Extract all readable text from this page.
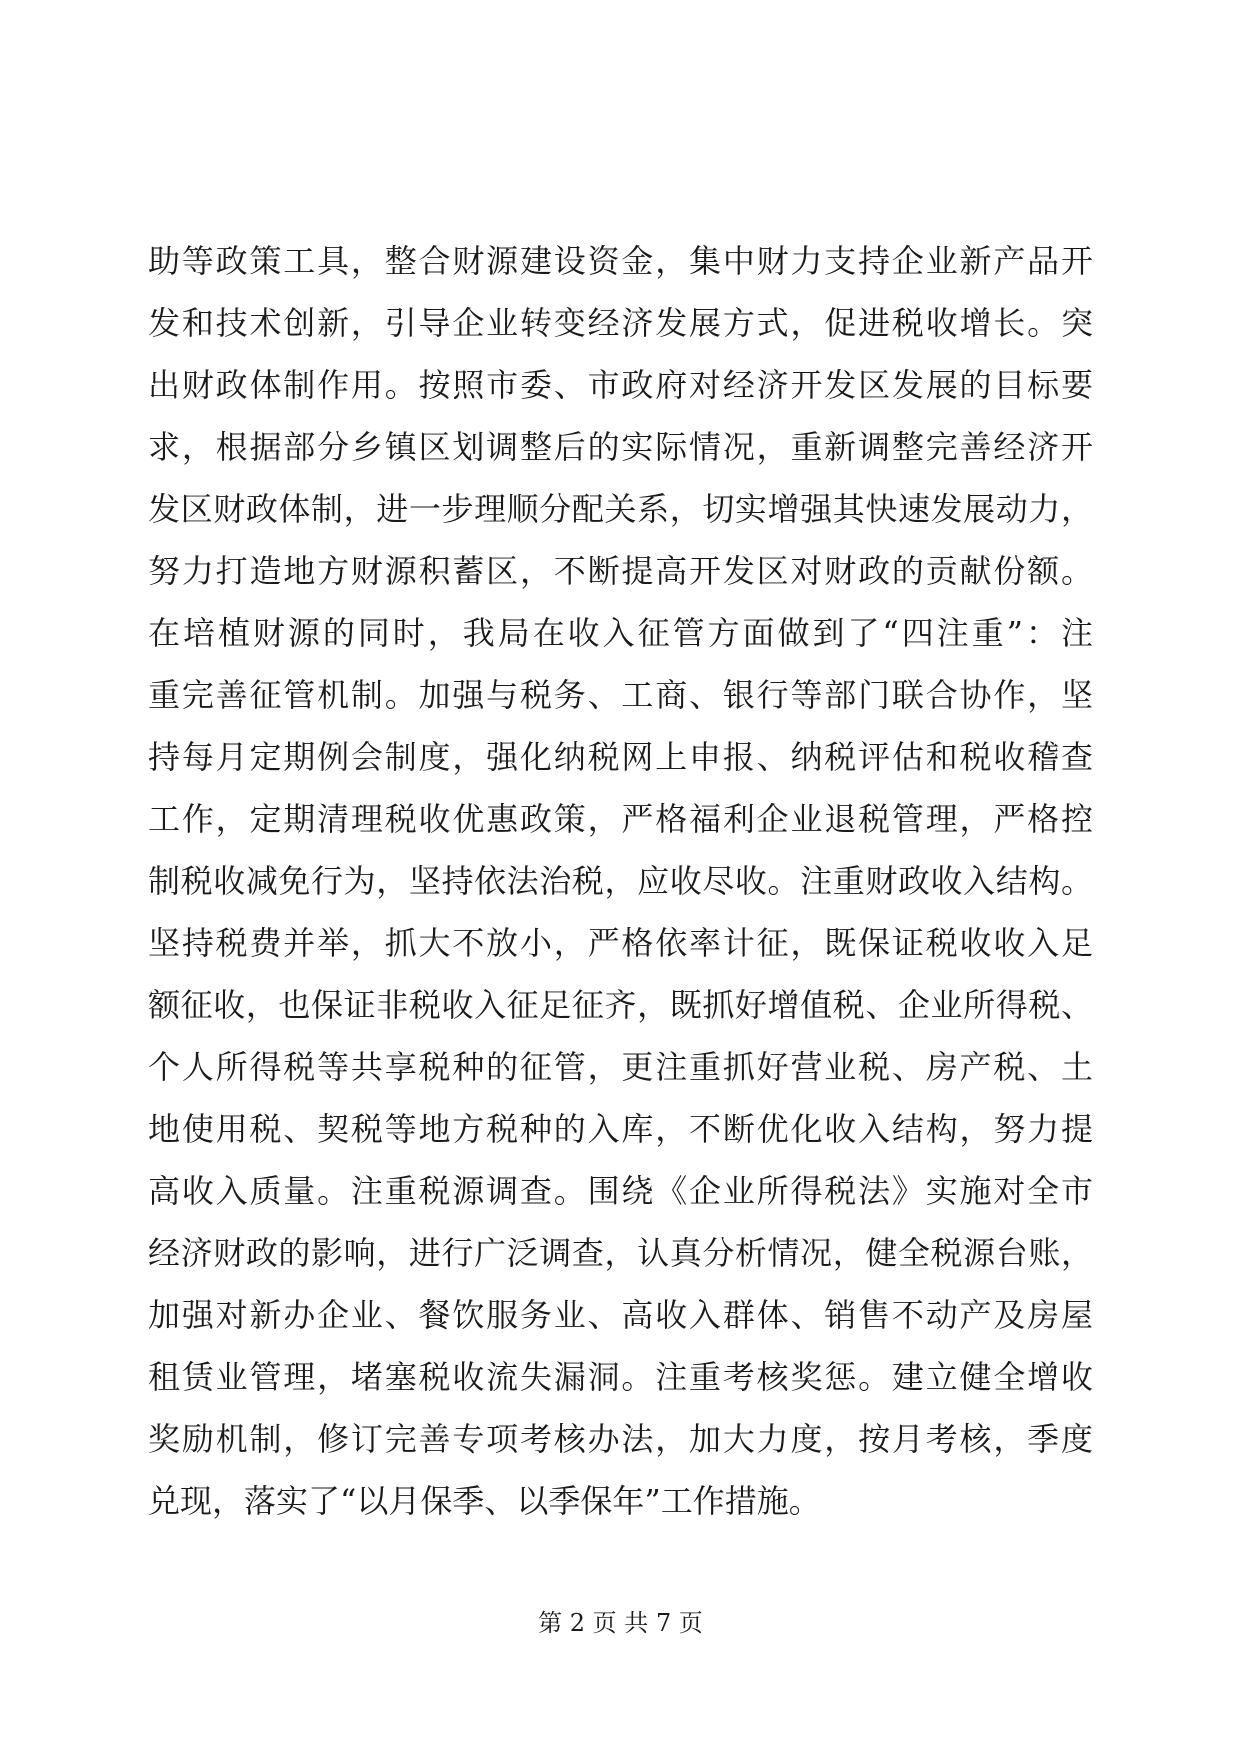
助等政策工具，整合财源建设资金，集中财力支持企业新产品开
发和技术创新，引导企业转变经济发展方式，促进税收增长。突
出财政体制作用。按照市委、市政府对经济开发区发展的目标要
求，根据部分乡镇区划调整后的实际情况，重新调整完善经济开
发区财政体制，进一步理顺分配关系，切实增强其快速发展动力，
努力打造地方财源积蓄区，不断提高开发区对财政的贡献份额。
在培植财源的同时，我局在收入征管方面做到了“四注重”：注
重完善征管机制。加强与税务、工商、银行等部门联合协作，坚
持每月定期例会制度，强化纳税网上申报、纳税评估和税收稽查
工作，定期清理税收优惠政策，严格福利企业退税管理，严格控
制税收减免行为，坚持依法治税，应收尽收。注重财政收入结构。
坚持税费并举，抓大不放小，严格依率计征，既保证税收收入足
额征收，也保证非税收入征足征齐，既抓好增值税、企业所得税、
个人所得税等共享税种的征管，更注重抓好营业税、房产税、土
地使用税、契税等地方税种的入库，不断优化收入结构，努力提
高收入质量。注重税源调查。围绕《企业所得税法》实施对全市
经济财政的影响，进行广泛调查，认真分析情况，健全税源台账，
加强对新办企业、餐饮服务业、高收入群体、销售不动产及房屋
租赁业管理，堵塞税收流失漏洞。注重考核奖惩。建立健全增收
奖励机制，修订完善专项考核办法，加大力度，按月考核，季度
兑现，落实了“以月保季、以季保年”工作措施。
第 2 页 共 7 页
